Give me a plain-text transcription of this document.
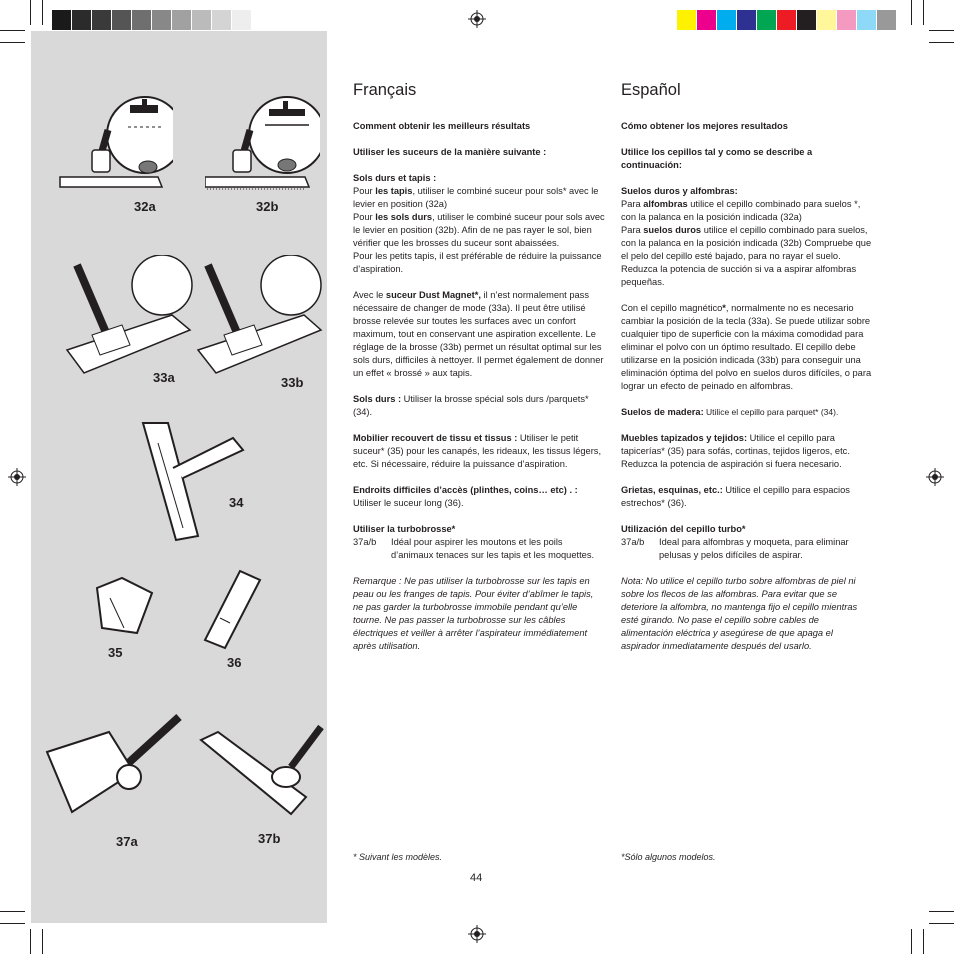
32a	32b
33a	33b
34
35
36
37a	37b
Français

Comment obtenir les meilleurs résultats

Utiliser les suceurs de la manière suivante :

Sols durs et tapis :
Pour les tapis, utiliser le combiné suceur pour sols* avec le levier en position (32a)
Pour les sols durs, utiliser le combiné suceur pour sols avec le levier en position (32b). Afin de ne pas rayer le sol, bien vérifier que les brosses du suceur sont abaissées.
Pour les petits tapis, il est préférable de réduire la puissance d’aspiration.

Avec le suceur Dust Magnet*, il n’est normalement pass nécessaire de changer de mode (33a). Il peut être utilisé brosse relevée sur toutes les surfaces avec un confort maximum, tout en conservant une aspiration excellente. Le réglage de la brosse (33b) permet un résultat optimal sur les sols durs, difficiles à nettoyer. Il permet également de donner un effet « brossé » aux tapis.

Sols durs : Utiliser la brosse spécial sols durs /parquets* (34).

Mobilier recouvert de tissu et tissus : Utiliser le petit suceur* (35) pour les canapés, les rideaux, les tissus légers, etc. Si nécessaire, réduire la puissance d’aspiration.

Endroits difficiles d’accès (plinthes, coins… etc) . :
Utiliser le suceur long (36).

Utiliser la turbobrosse*
37a/b	Idéal pour aspirer les moutons et les poils d’animaux tenaces sur les tapis et les moquettes.

Remarque : Ne pas utiliser la turbobrosse sur les tapis en peau ou les franges de tapis. Pour éviter d’abîmer le tapis, ne pas garder la turbobrosse immobile pendant qu’elle tourne. Ne pas passer la turbobrosse sur les câbles électriques et veiller à arrêter l’aspirateur immédiatement après utilisation.

* Suivant les modèles.
Español

Cómo obtener los mejores resultados

Utilice los cepillos tal y como se describe a continuación:

Suelos duros y alfombras:
Para alfombras utilice el cepillo combinado para suelos *, con la palanca en la posición indicada (32a)
Para suelos duros utilice el cepillo combinado para suelos, con la palanca en la posición indicada (32b) Compruebe que el pelo del cepillo esté bajado, para no rayar el suelo.
Reduzca la potencia de succión si va a aspirar alfombras pequeñas.

Con el cepillo magnético*, normalmente no es necesario cambiar la posición de la tecla (33a). Se puede utilizar sobre cualquier tipo de superficie con la máxima comodidad para eliminar el polvo con un óptimo resultado. El cepillo debe utilizarse en la posición indicada (33b) para conseguir una eliminación óptima del polvo en suelos duros difíciles, o para lograr un efecto de peinado en alfombras.

Suelos de madera: Utilice el cepillo para parquet* (34).

Muebles tapizados y tejidos: Utilice el cepillo para tapicerías* (35) para sofás, cortinas, tejidos ligeros, etc. Reduzca la potencia de aspiración si fuera necesario.

Grietas, esquinas, etc.: Utilice el cepillo para espacios estrechos* (36).

Utilización del cepillo turbo*
37a/b	Ideal para alfombras y moqueta, para eliminar pelusas y pelos difíciles de aspirar.

Nota: No utilice el cepillo turbo sobre alfombras de piel ni sobre los flecos de las alfombras. Para evitar que se deteriore la alfombra, no mantenga fijo el cepillo mientras esté girando. No pase el cepillo sobre cables de alimentación eléctrica y asegúrese de que apaga el aspirador inmediatamente después del usarlo.

*Sólo algunos modelos.
44
